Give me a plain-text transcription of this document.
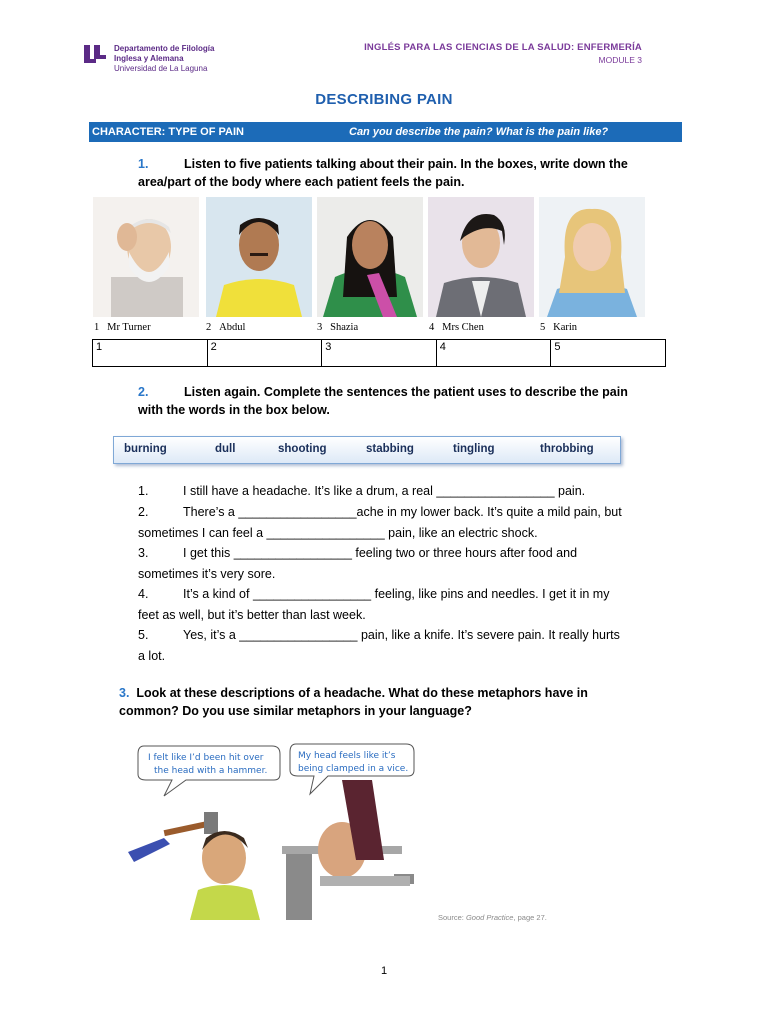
Departamento de Filología
Inglesa y Alemana
Universidad de La Laguna
INGLÉS PARA LAS CIENCIAS DE LA SALUD: ENFERMERÍA
MODULE 3
DESCRIBING PAIN
CHARACTER: TYPE OF PAIN	Can you describe the pain? What is the pain like?
1.	Listen to five patients talking about their pain. In the boxes, write down the
area/part of the body where each patient feels the pain.
1 Mr Turner	2 Abdul	3 Shazia	4 Mrs Chen	5 Karin
1	2	3	4	5
2.	Listen again. Complete the sentences the patient uses to describe the pain
with the words in the box below.
burning	dull	shooting	stabbing	tingling	throbbing
1.	I still have a headache. It’s like a drum, a real _________________ pain.
2.	There’s a _________________ache in my lower back. It’s quite a mild pain, but
sometimes I can feel a _________________ pain, like an electric shock.
3.	I get this _________________ feeling two or three hours after food and
sometimes it’s very sore.
4.	It’s a kind of _________________ feeling, like pins and needles. I get it in my
feet as well, but it’s better than last week.
5.	Yes, it’s a _________________ pain, like a knife. It’s severe pain. It really hurts
a lot.
3. Look at these descriptions of a headache. What do these metaphors have in
common? Do you use similar metaphors in your language?
I felt like I’d been hit over
the head with a hammer.
My head feels like it’s
being clamped in a vice.
Source: Good Practice, page 27.
1
